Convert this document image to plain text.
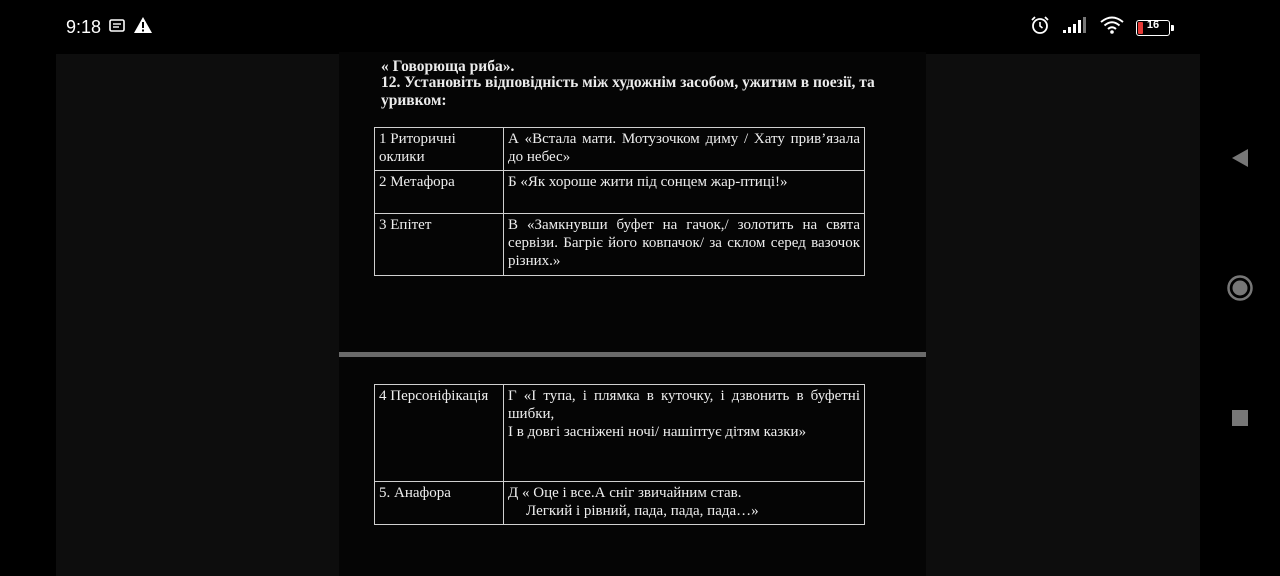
9:18	16
« Говорюща риба».
12. Установіть відповідність між художнім засобом, ужитим в поезії, та уривком:
1 Риторичні оклики	А «Встала мати. Мотузочком диму / Хату прив’язала до небес»
2 Метафора	Б «Як хороше жити під сонцем жар-птиці!»
3 Епітет	В «Замкнувши буфет на гачок,/ золотить на свята сервізи. Багріє його ковпачок/ за склом серед вазочок різних.»
4 Персоніфікація	Г «І тупа, і плямка в куточку, і дзвонить в буфетні шибки,
І в довгі засніжені ночі/ нашіптує дітям казки»

5. Анафора	Д « Оце і все.А сніг звичайним став.
Легкий і рівний, пада, пада, пада…»
